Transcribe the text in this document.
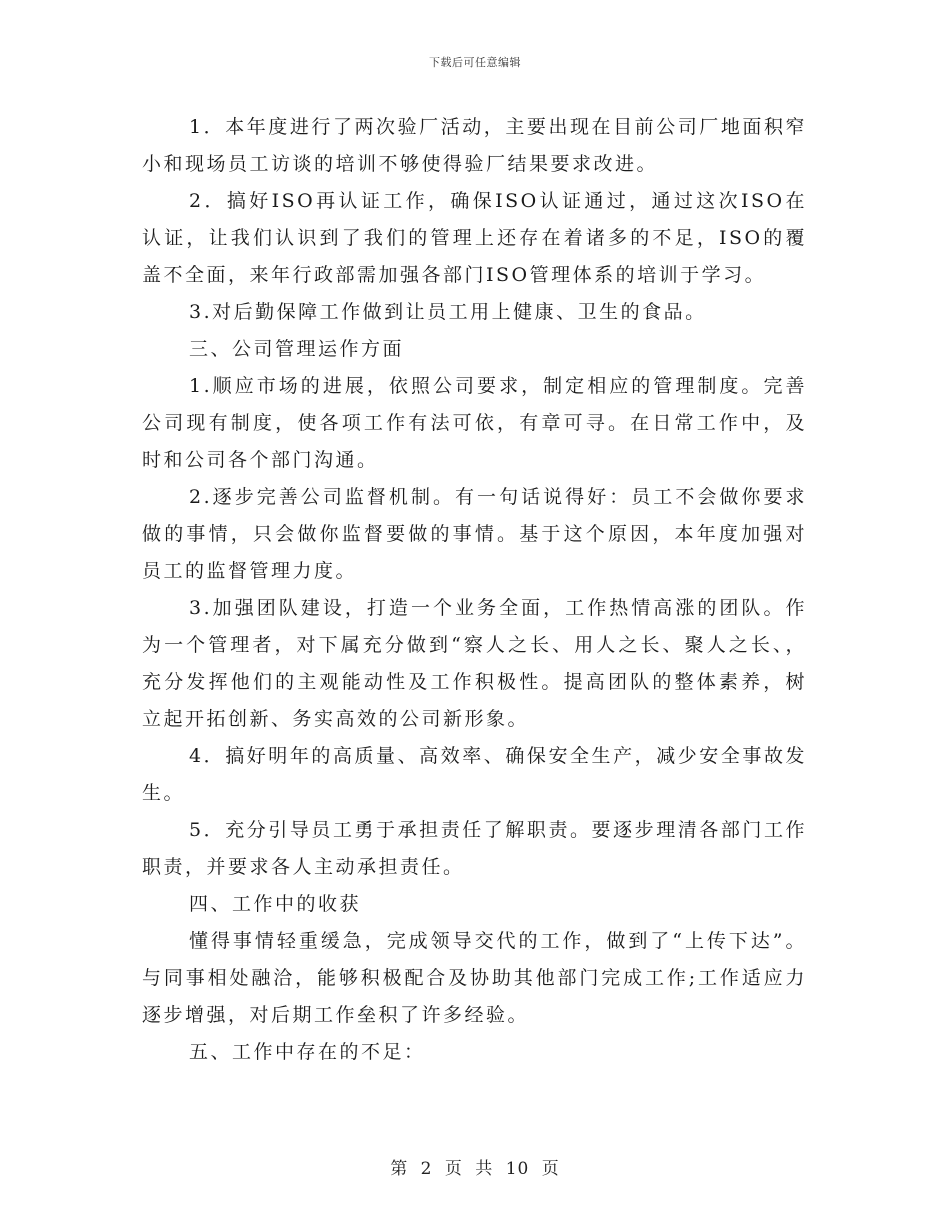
下载后可任意编辑

1．本年度进行了两次验厂活动，主要出现在目前公司厂地面积窄小和现场员工访谈的培训不够使得验厂结果要求改进。

2．搞好ISO再认证工作，确保ISO认证通过，通过这次ISO在认证，让我们认识到了我们的管理上还存在着诸多的不足，ISO的覆盖不全面，来年行政部需加强各部门ISO管理体系的培训于学习。

3.对后勤保障工作做到让员工用上健康、卫生的食品。

三、公司管理运作方面

1.顺应市场的进展，依照公司要求，制定相应的管理制度。完善公司现有制度，使各项工作有法可依，有章可寻。在日常工作中，及时和公司各个部门沟通。

2.逐步完善公司监督机制。有一句话说得好：员工不会做你要求做的事情，只会做你监督要做的事情。基于这个原因，本年度加强对员工的监督管理力度。

3.加强团队建设，打造一个业务全面，工作热情高涨的团队。作为一个管理者，对下属充分做到“察人之长、用人之长、聚人之长、，充分发挥他们的主观能动性及工作积极性。提高团队的整体素养，树立起开拓创新、务实高效的公司新形象。

4．搞好明年的高质量、高效率、确保安全生产，减少安全事故发生。

5．充分引导员工勇于承担责任了解职责。要逐步理清各部门工作职责，并要求各人主动承担责任。

四、工作中的收获

懂得事情轻重缓急，完成领导交代的工作，做到了“上传下达”。与同事相处融洽，能够积极配合及协助其他部门完成工作;工作适应力逐步增强，对后期工作垒积了许多经验。

五、工作中存在的不足：

第 2 页 共 10 页
